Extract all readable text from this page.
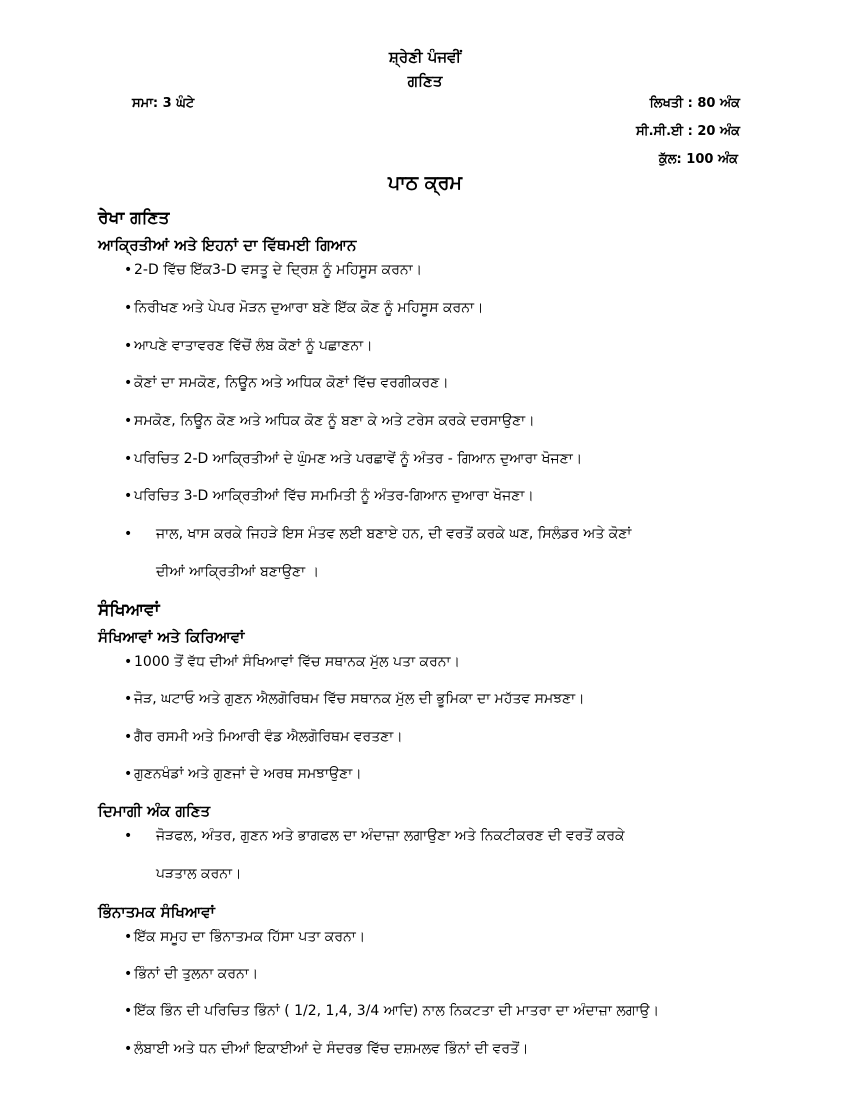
ਸ਼੍ਰੇਣੀ ਪੰਜਵੀਂ
ਗਣਿਤ
ਸਮਾ: 3 ਘੰਟੇ	ਲਿਖਤੀ : 80 ਅੰਕ
ਸੀ.ਸੀ.ਈ : 20 ਅੰਕ
ਕੁੱਲ: 100 ਅੰਕ
ਪਾਠ ਕ੍ਰਮ
ਰੇਖਾ ਗਣਿਤ
ਆਕ੍ਰਿਤੀਆਂ ਅਤੇ ਇਹਨਾਂ ਦਾ ਵਿੱਥਮਈ ਗਿਆਨ
• 2-D ਵਿੱਚ ਇੱਕ3-D ਵਸਤੂ ਦੇ ਦ੍ਰਿਸ਼ ਨੂੰ ਮਹਿਸੂਸ ਕਰਨਾ।
• ਨਿਰੀਖਣ ਅਤੇ ਪੇਪਰ ਮੋੜਨ ਦੁਆਰਾ ਬਣੇ ਇੱਕ ਕੋਣ ਨੂੰ ਮਹਿਸੂਸ ਕਰਨਾ।
• ਆਪਣੇ ਵਾਤਾਵਰਣ ਵਿੱਚੋਂ ਲੰਬ ਕੋਣਾਂ ਨੂੰ ਪਛਾਣਨਾ।
• ਕੋਣਾਂ ਦਾ ਸਮਕੋਣ, ਨਿਊਨ ਅਤੇ ਅਧਿਕ ਕੋਣਾਂ ਵਿੱਚ ਵਰਗੀਕਰਣ।
• ਸਮਕੋਣ, ਨਿਊਨ ਕੋਣ ਅਤੇ ਅਧਿਕ ਕੋਣ ਨੂੰ ਬਣਾ ਕੇ ਅਤੇ ਟਰੇਸ ਕਰਕੇ ਦਰਸਾਉਣਾ।
• ਪਰਿਚਿਤ 2-D ਆਕ੍ਰਿਤੀਆਂ ਦੇ ਘੁੰਮਣ ਅਤੇ ਪਰਛਾਵੇਂ ਨੂੰ ਅੰਤਰ - ਗਿਆਨ ਦੁਆਰਾ ਖੋਜਣਾ।
• ਪਰਿਚਿਤ 3-D ਆਕ੍ਰਿਤੀਆਂ ਵਿੱਚ ਸਮਮਿਤੀ ਨੂੰ ਅੰਤਰ-ਗਿਆਨ ਦੁਆਰਾ ਖੋਜਣਾ।
• ਜਾਲ, ਖਾਸ ਕਰਕੇ ਜਿਹੜੇ ਇਸ ਮੰਤਵ ਲਈ ਬਣਾਏ ਹਨ, ਦੀ ਵਰਤੋਂ ਕਰਕੇ ਘਣ, ਸਿਲੰਡਰ ਅਤੇ ਕੋਣਾਂ
ਦੀਆਂ ਆਕ੍ਰਿਤੀਆਂ ਬਣਾਉਣਾ ।
ਸੰਖਿਆਵਾਂ
ਸੰਖਿਆਵਾਂ ਅਤੇ ਕਿਰਿਆਵਾਂ
• 1000 ਤੋਂ ਵੱਧ ਦੀਆਂ ਸੰਖਿਆਵਾਂ ਵਿੱਚ ਸਥਾਨਕ ਮੁੱਲ ਪਤਾ ਕਰਨਾ।
• ਜੋੜ, ਘਟਾਓ ਅਤੇ ਗੁਣਨ ਐਲਗੋਰਿਥਮ ਵਿੱਚ ਸਥਾਨਕ ਮੁੱਲ ਦੀ ਭੂਮਿਕਾ ਦਾ ਮਹੱਤਵ ਸਮਝਣਾ।
• ਗੈਰ ਰਸਮੀ ਅਤੇ ਮਿਆਰੀ ਵੰਡ ਐਲਗੋਰਿਥਮ ਵਰਤਣਾ।
• ਗੁਣਨਖੰਡਾਂ ਅਤੇ ਗੁਣਜਾਂ ਦੇ ਅਰਥ ਸਮਝਾਉਣਾ।
ਦਿਮਾਗੀ ਅੰਕ ਗਣਿਤ
• ਜੋੜਫਲ, ਅੰਤਰ, ਗੁਣਨ ਅਤੇ ਭਾਗਫਲ ਦਾ ਅੰਦਾਜ਼ਾ ਲਗਾਉਣਾ ਅਤੇ ਨਿਕਟੀਕਰਣ ਦੀ ਵਰਤੋਂ ਕਰਕੇ
ਪੜਤਾਲ ਕਰਨਾ।
ਭਿੰਨਾਤਮਕ ਸੰਖਿਆਵਾਂ
• ਇੱਕ ਸਮੂਹ ਦਾ ਭਿੰਨਾਤਮਕ ਹਿੱਸਾ ਪਤਾ ਕਰਨਾ।
• ਭਿੰਨਾਂ ਦੀ ਤੁਲਨਾ ਕਰਨਾ।
• ਇੱਕ ਭਿੰਨ ਦੀ ਪਰਿਚਿਤ ਭਿੰਨਾਂ ( 1/2, 1,4, 3/4 ਆਦਿ) ਨਾਲ ਨਿਕਟਤਾ ਦੀ ਮਾਤਰਾ ਦਾ ਅੰਦਾਜ਼ਾ ਲਗਾਉ।
• ਲੰਬਾਈ ਅਤੇ ਧਨ ਦੀਆਂ ਇਕਾਈਆਂ ਦੇ ਸੰਦਰਭ ਵਿੱਚ ਦਸ਼ਮਲਵ ਭਿੰਨਾਂ ਦੀ ਵਰਤੋਂ।
